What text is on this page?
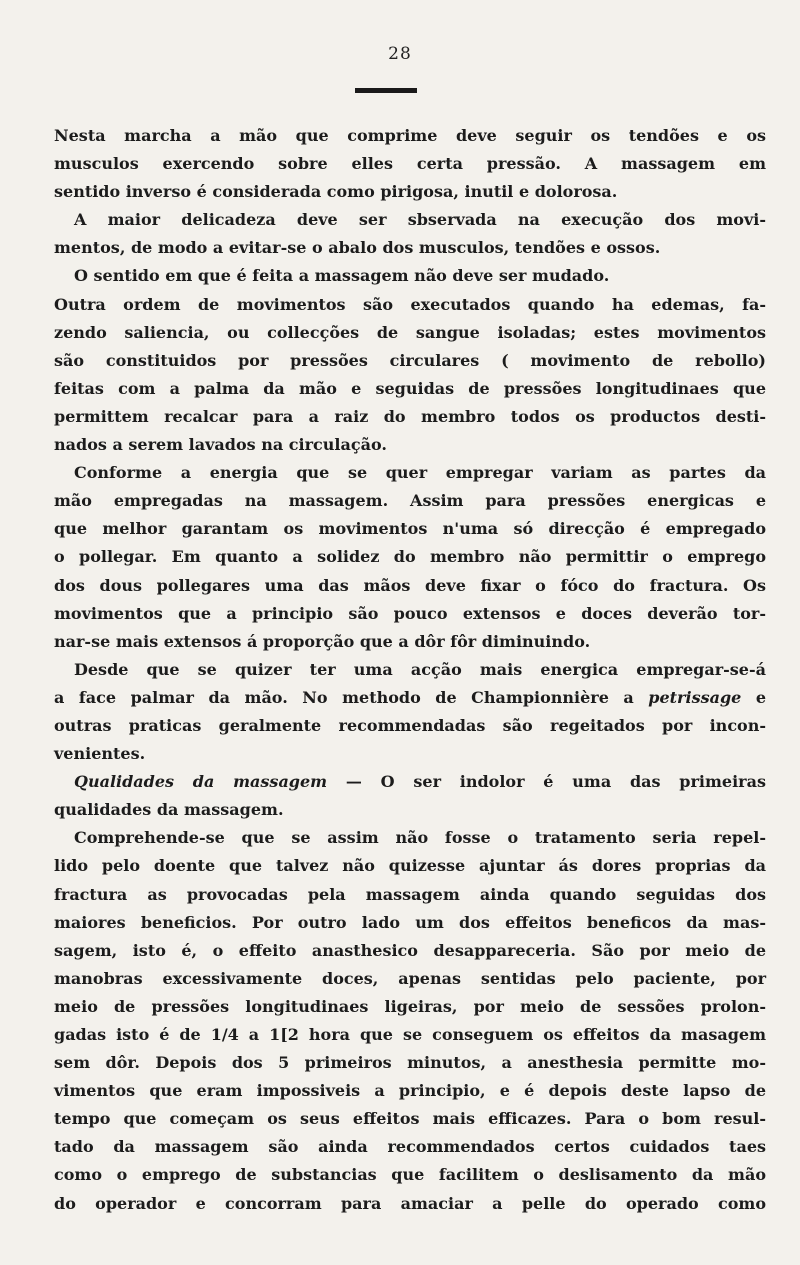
28
Nesta marcha a mão que comprime deve seguir os tendões e os
musculos exercendo sobre elles certa pressão. A massagem em
sentido inverso é considerada como pirigosa, inutil e dolorosa.
A maior delicadeza deve ser sbservada na execução dos movi-
mentos, de modo a evitar-se o abalo dos musculos, tendões e ossos.
O sentido em que é feita a massagem não deve ser mudado.
Outra ordem de movimentos são executados quando ha edemas, fa-
zendo saliencia, ou collecções de sangue isoladas; estes movimentos
são constituidos por pressões circulares ( movimento de rebollo)
feitas com a palma da mão e seguidas de pressões longitudinaes que
permittem recalcar para a raiz do membro todos os productos desti-
nados a serem lavados na circulação.
Conforme a energia que se quer empregar variam as partes da
mão empregadas na massagem. Assim para pressões energicas e
que melhor garantam os movimentos n'uma só direcção é empregado
o pollegar. Em quanto a solidez do membro não permittir o emprego
dos dous pollegares uma das mãos deve fixar o fóco do fractura. Os
movimentos que a principio são pouco extensos e doces deverão tor-
nar-se mais extensos á proporção que a dôr fôr diminuindo.
Desde que se quizer ter uma acção mais energica empregar-se-á
a face palmar da mão. No methodo de Championnière a petrissage e
outras praticas geralmente recommendadas são regeitados por incon-
venientes.
Qualidades da massagem — O ser indolor é uma das primeiras
qualidades da massagem.
Comprehende-se que se assim não fosse o tratamento seria repel-
lido pelo doente que talvez não quizesse ajuntar ás dores proprias da
fractura as provocadas pela massagem ainda quando seguidas dos
maiores beneficios. Por outro lado um dos effeitos beneficos da mas-
sagem, isto é, o effeito anasthesico desappareceria. São por meio de
manobras excessivamente doces, apenas sentidas pelo paciente, por
meio de pressões longitudinaes ligeiras, por meio de sessões prolon-
gadas isto é de 1/4 a 1[2 hora que se conseguem os effeitos da masagem
sem dôr. Depois dos 5 primeiros minutos, a anesthesia permitte mo-
vimentos que eram impossiveis a principio, e é depois deste lapso de
tempo que começam os seus effeitos mais efficazes. Para o bom resul-
tado da massagem são ainda recommendados certos cuidados taes
como o emprego de substancias que facilitem o deslisamento da mão
do operador e concorram para amaciar a pelle do operado como
